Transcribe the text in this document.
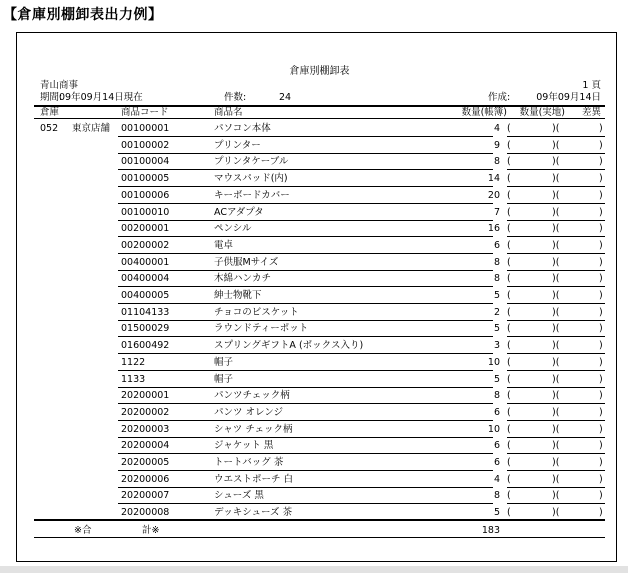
【倉庫別棚卸表出力例】
倉庫別棚卸表
青山商事	1 頁
期間:
09年09月14日現在	件数:	24	作成:	09年09月14日
倉庫	商品コード	商品名	数量(帳簿) 数量(実地) 差異
052 東京店舗 00100001	パソコン本体	4 (	)(	)
00100002	プリンター	9 (	)(	)
00100004	プリンタケーブル	8 (	)(	)
00100005	マウスパッド(内)	14 (	)(	)
00100006	キーボードカバー	20 (	)(	)
00100010	ACアダプタ	7 (	)(	)
00200001	ペンシル	16 (	)(	)
00200002	電卓	6 (	)(	)
00400001	子供服Mサイズ	8 (	)(	)
00400004	木綿ハンカチ	8 (	)(	)
00400005	紳士物靴下	5 (	)(	)
01104133	チョコのビスケット	2 (	)(	)
01500029	ラウンドティーポット	5 (	)(	)
01600492	スプリングギフトA (ボックス入り)	3 (	)(	)
1122	帽子	10 (	)(	)
1133	帽子	5 (	)(	)
20200001	パンツチェック柄	8 (	)(	)
20200002	パンツ オレンジ	6 (	)(	)
20200003	シャツ チェック柄	10 (	)(	)
20200004	ジャケット 黒	6 (	)(	)
20200005	トートバッグ 茶	6 (	)(	)
20200006	ウエストポーチ 白	4 (	)(	)
20200007	シューズ 黒	8 (	)(	)
20200008	デッキシューズ 茶	5 (	)(	)
※合	計※	183
